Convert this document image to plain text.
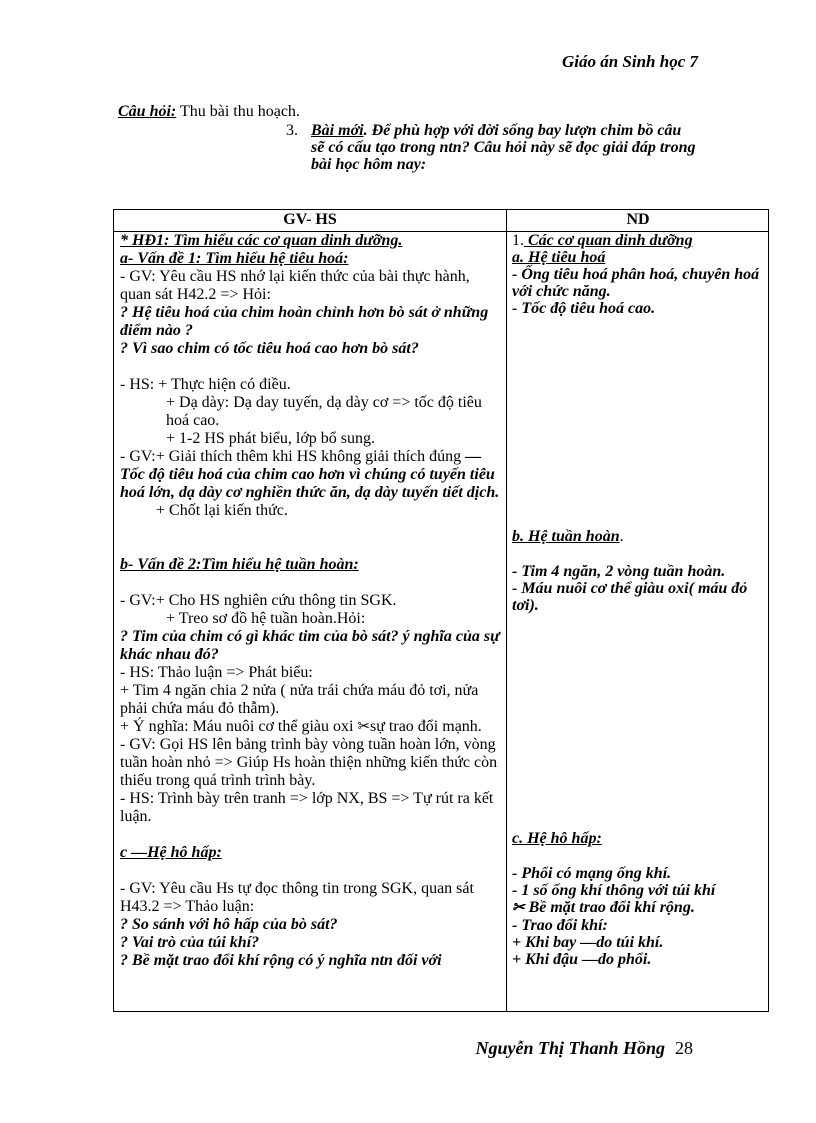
Giáo án Sinh học 7
Câu hỏi: Thu bài thu hoạch.
3. Bài mới. Để phù hợp với đời sống bay lượn chim bồ câu sẽ có cấu tạo trong ntn? Câu hỏi này sẽ đọc giải đáp trong bài học hôm nay:
GV- HS	ND
* HĐ1: Tìm hiểu các cơ quan dinh dưỡng.
a- Vấn đề 1: Tìm hiểu hệ tiêu hoá:
- GV: Yêu cầu HS nhớ lại kiến thức của bài thực hành, quan sát H42.2 => Hỏi:
? Hệ tiêu hoá của chim hoàn chỉnh hơn bò sát ở những điểm nào ?
? Vì sao chim có tốc tiêu hoá cao hơn bò sát?
- HS: + Thực hiện có điều.
+ Dạ dày: Dạ day tuyến, dạ dày cơ => tốc độ tiêu hoá cao.
+ 1-2 HS phát biểu, lớp bổ sung.
- GV:+ Giải thích thêm khi HS không giải thích đúng — Tốc độ tiêu hoá của chim cao hơn vì chúng có tuyến tiêu hoá lớn, dạ dày cơ nghiền thức ăn, dạ dày tuyến tiết dịch.
+ Chốt lại kiến thức.
b- Vấn đề 2:Tìm hiểu hệ tuần hoàn:
- GV:+ Cho HS nghiên cứu thông tin SGK.
+ Treo sơ đồ hệ tuần hoàn.Hỏi:
? Tim của chim có gì khác tim của bò sát? ý nghĩa của sự khác nhau đó?
- HS: Thảo luận => Phát biểu:
+ Tim 4 ngăn chia 2 nửa ( nửa trái chứa máu đỏ tơi, nửa phải chứa máu đỏ thẫm).
+ Ý nghĩa: Máu nuôi cơ thể giàu oxi ✂sự trao đổi mạnh.
- GV: Gọi HS lên bảng trình bày vòng tuần hoàn lớn, vòng tuần hoàn nhỏ => Giúp Hs hoàn thiện những kiến thức còn thiếu trong quá trình trình bày.
- HS: Trình bày trên tranh => lớp NX, BS => Tự rút ra kết luận.
c —Hệ hô hấp:
- GV: Yêu cầu Hs tự đọc thông tin trong SGK, quan sát H43.2 => Thảo luận:
? So sánh với hô hấp của bò sát?
? Vai trò của túi khí?
? Bề mặt trao đổi khí rộng có ý nghĩa ntn đối với
1. Các cơ quan dinh dưỡng
a. Hệ tiêu hoá
- Ống tiêu hoá phân hoá, chuyên hoá với chức năng.
- Tốc độ tiêu hoá cao.
b. Hệ tuần hoàn.
- Tim 4 ngăn, 2 vòng tuần hoàn.
- Máu nuôi cơ thể giàu oxi( máu đỏ tơi).
c. Hệ hô hấp:
- Phổi có mạng ống khí.
- 1 số ống khí thông với túi khí
✂ Bề mặt trao đổi khí rộng.
- Trao đổi khí:
+ Khi bay —do túi khí.
+ Khi đậu —do phổi.
Nguyễn Thị Thanh Hồng 28
